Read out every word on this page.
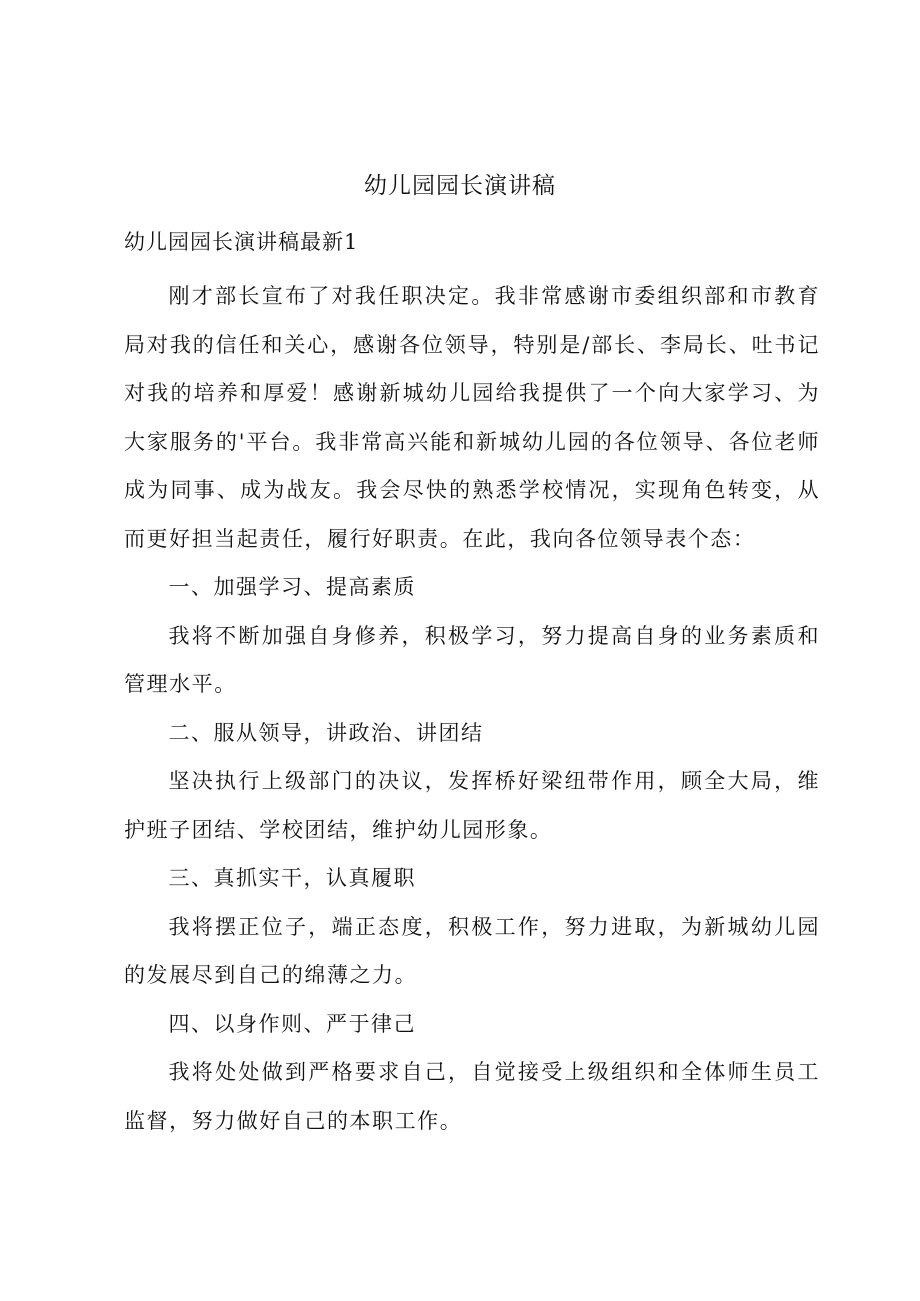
幼儿园园长演讲稿
幼儿园园长演讲稿最新1

刚才部长宣布了对我任职决定。我非常感谢市委组织部和市教育局对我的信任和关心，感谢各位领导，特别是/部长、李局长、吐书记对我的培养和厚爱！感谢新城幼儿园给我提供了一个向大家学习、为大家服务的'平台。我非常高兴能和新城幼儿园的各位领导、各位老师成为同事、成为战友。我会尽快的熟悉学校情况，实现角色转变，从而更好担当起责任，履行好职责。在此，我向各位领导表个态：

一、加强学习、提高素质

我将不断加强自身修养，积极学习，努力提高自身的业务素质和管理水平。

二、服从领导，讲政治、讲团结

坚决执行上级部门的决议，发挥桥好梁纽带作用，顾全大局，维护班子团结、学校团结，维护幼儿园形象。

三、真抓实干，认真履职

我将摆正位子，端正态度，积极工作，努力进取，为新城幼儿园的发展尽到自己的绵薄之力。

四、以身作则、严于律己

我将处处做到严格要求自己，自觉接受上级组织和全体师生员工监督，努力做好自己的本职工作。
